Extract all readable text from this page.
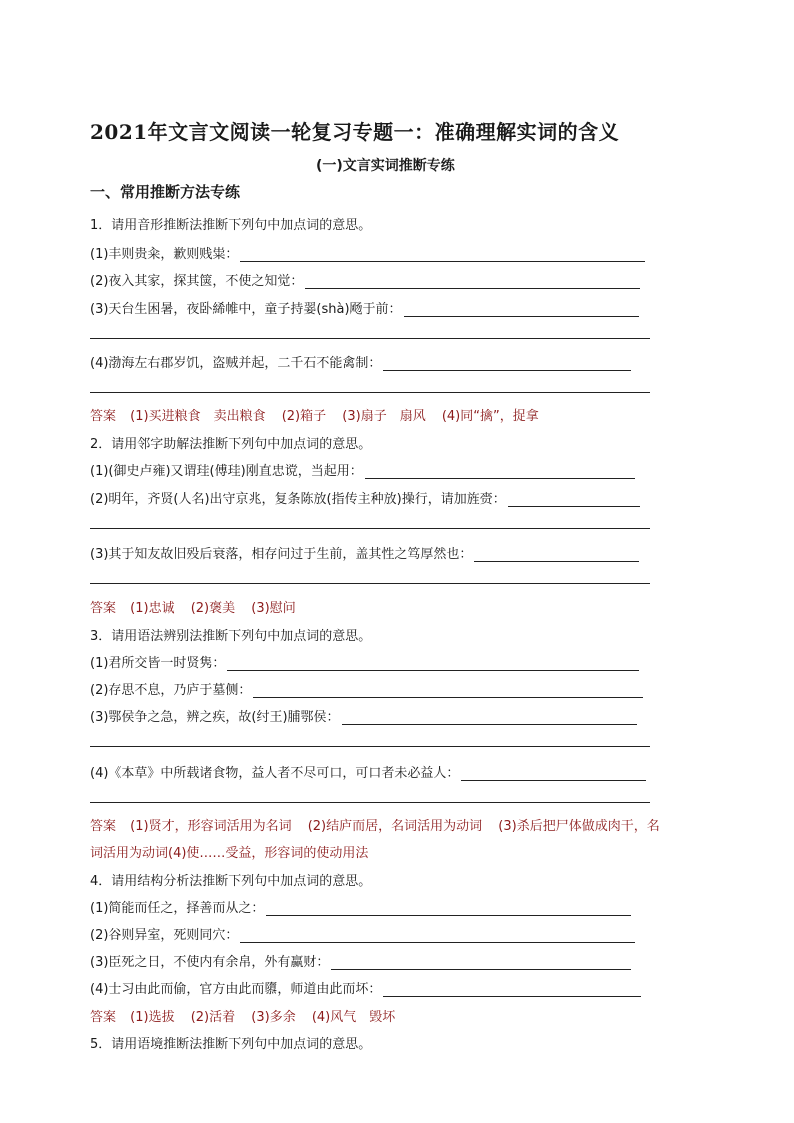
2021年文言文阅读一轮复习专题一：准确理解实词的含义
(一)文言实词推断专练
一、常用推断方法专练
1．请用音形推断法推断下列句中加点词的意思。
(1)丰则贵籴，歉则贱粜：
(2)夜入其家，探其箧，不使之知觉：
(3)天台生困暑，夜卧絺帷中，童子持翣(shà)飏于前：
(4)渤海左右郡岁饥，盗贼并起，二千石不能禽制：
答案 (1)买进粮食　卖出粮食 (2)箱子 (3)扇子　扇风 (4)同“擒”，捉拿
2．请用邻字助解法推断下列句中加点词的意思。
(1)(御史卢雍)又谓珪(傅珪)刚直忠谠，当起用：
(2)明年，齐贤(人名)出守京兆，复条陈放(指传主种放)操行，请加旌赍：
(3)其于知友故旧殁后衰落，相存问过于生前，盖其性之笃厚然也：
答案 (1)忠诚 (2)褒美 (3)慰问
3．请用语法辨别法推断下列句中加点词的意思。
(1)君所交皆一时贤隽：
(2)存思不息，乃庐于墓侧：
(3)鄂侯争之急，辨之疾，故(纣王)脯鄂侯：
(4)《本草》中所载诸食物，益人者不尽可口，可口者未必益人：
答案 (1)贤才，形容词活用为名词 (2)结庐而居，名词活用为动词 (3)杀后把尸体做成肉干，名
词活用为动词(4)使……受益，形容词的使动用法
4．请用结构分析法推断下列句中加点词的意思。
(1)简能而任之，择善而从之：
(2)谷则异室，死则同穴：
(3)臣死之日，不使内有余帛，外有赢财：
(4)士习由此而偷，官方由此而隳，师道由此而坏：
答案 (1)选拔 (2)活着 (3)多余 (4)风气　毁坏
5．请用语境推断法推断下列句中加点词的意思。
